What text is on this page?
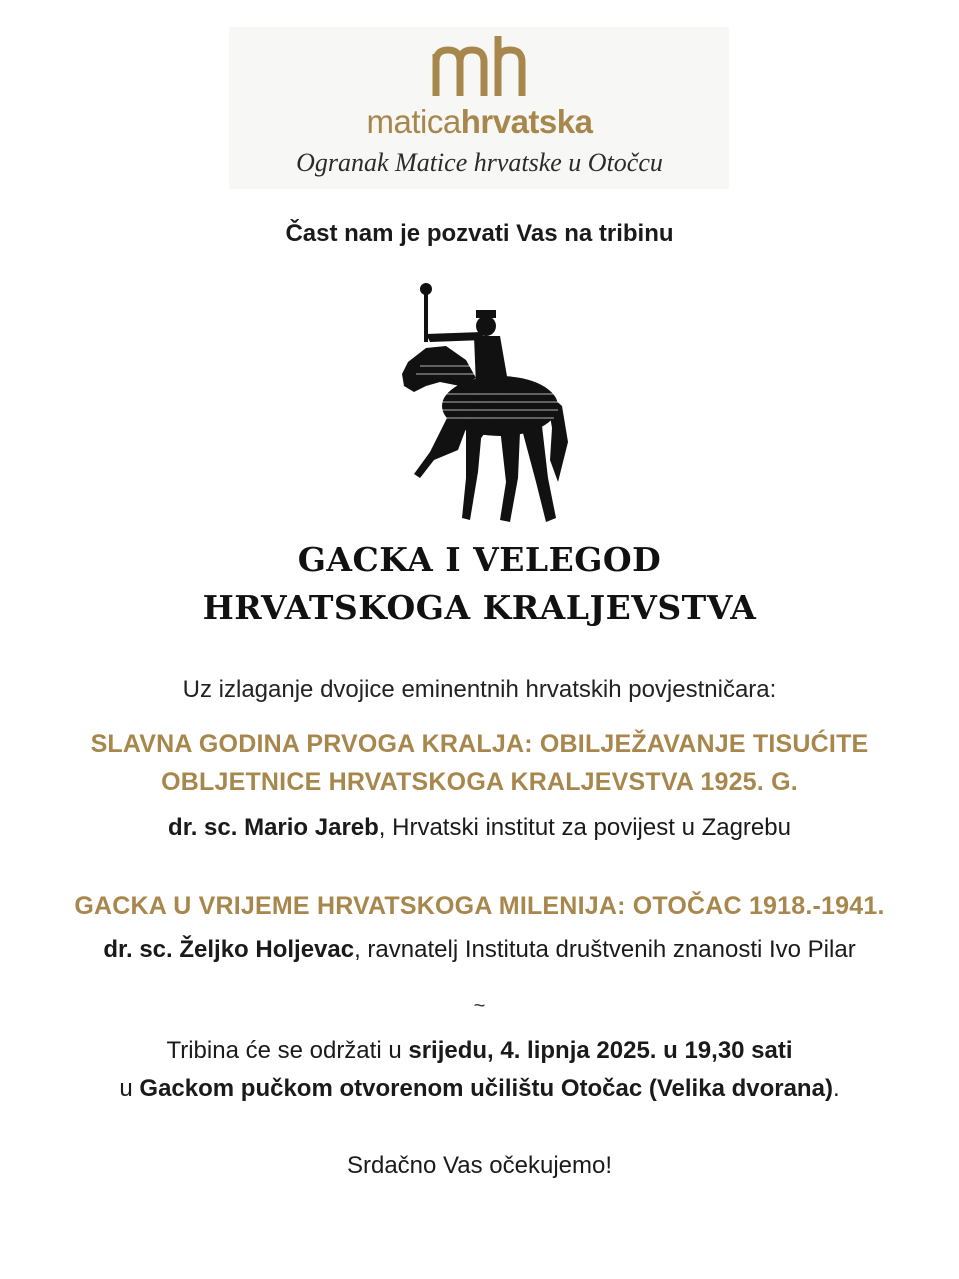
maticahrvatska
Ogranak Matice hrvatske u Otočcu
Čast nam je pozvati Vas na tribinu
GACKA I VELEGOD
HRVATSKOGA KRALJEVSTVA
Uz izlaganje dvojice eminentnih hrvatskih povjestničara:
SLAVNA GODINA PRVOGA KRALJA: OBILJEŽAVANJE TISUĆITE
OBLJETNICE HRVATSKOGA KRALJEVSTVA 1925. G.
dr. sc. Mario Jareb, Hrvatski institut za povijest u Zagrebu
GACKA U VRIJEME HRVATSKOGA MILENIJA: OTOČAC 1918.-1941.
dr. sc. Željko Holjevac, ravnatelj Instituta društvenih znanosti Ivo Pilar
~
Tribina će se održati u srijedu, 4. lipnja 2025. u 19,30 sati
u Gackom pučkom otvorenom učilištu Otočac (Velika dvorana).
Srdačno Vas očekujemo!
